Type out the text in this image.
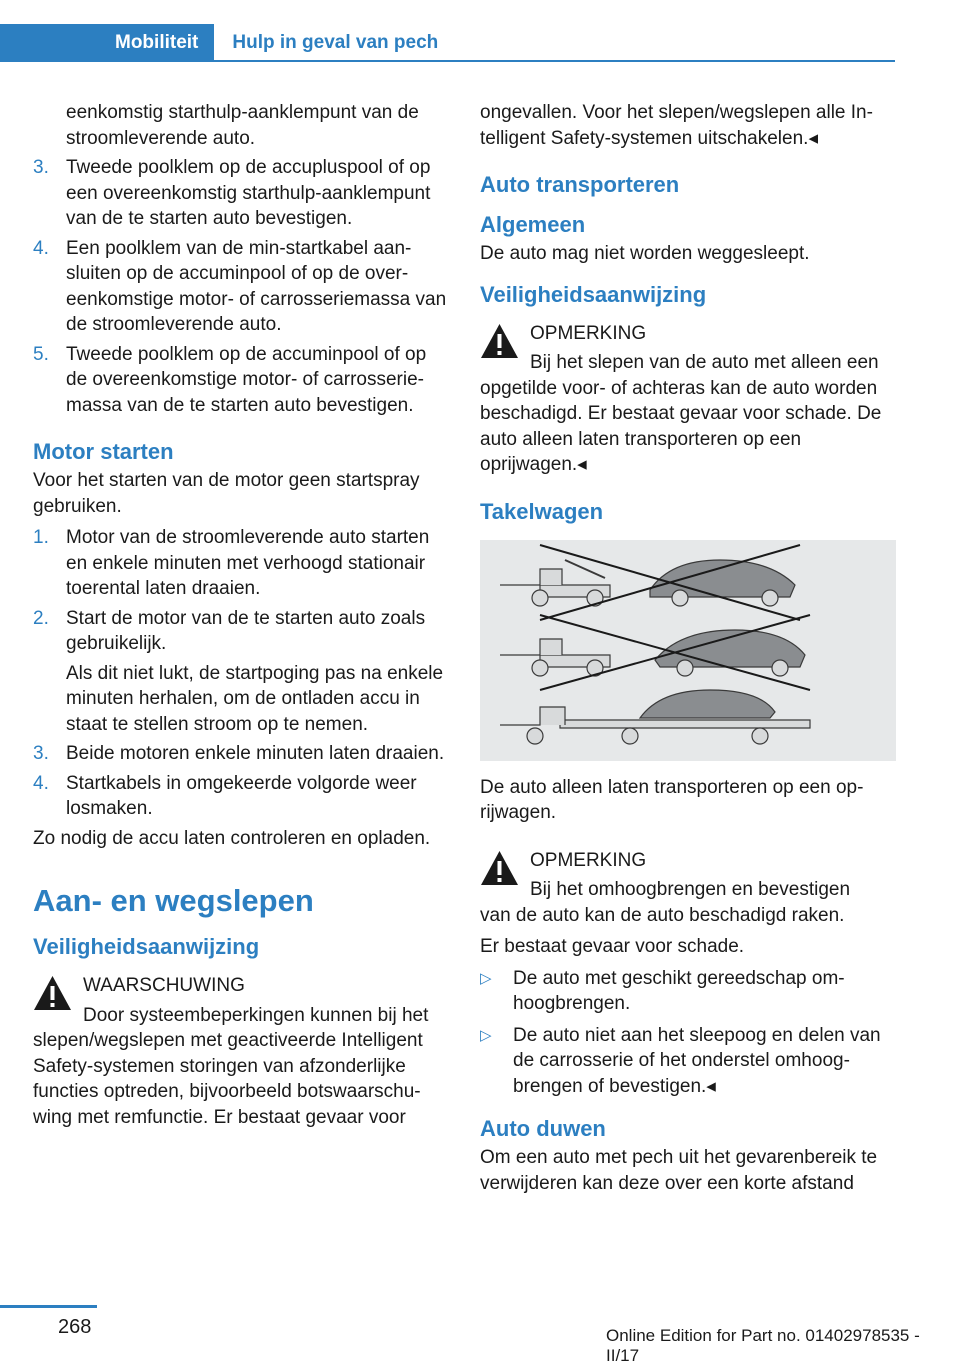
Mobiliteit	Hulp in geval van pech
eenkomstig starthulp-aanklempunt van de stroomleverende auto.
3. Tweede poolklem op de accupluspool of op een overeenkomstig starthulp-aanklempunt van de te starten auto bevestigen.
4. Een poolklem van de min-startkabel aansluiten op de accuminpool of op de overeenkomstige motor- of carrosseriemassa van de stroomleverende auto.
5. Tweede poolklem op de accuminpool of op de overeenkomstige motor- of carrosseriemassa van de te starten auto bevestigen.
Motor starten

Voor het starten van de motor geen startspray gebruiken.

1. Motor van de stroomleverende auto starten en enkele minuten met verhoogd stationair toerental laten draaien.
2. Start de motor van de te starten auto zoals gebruikelijk.
Als dit niet lukt, de startpoging pas na enkele minuten herhalen, om de ontladen accu in staat te stellen stroom op te nemen.
3. Beide motoren enkele minuten laten draaien.
4. Startkabels in omgekeerde volgorde weer losmaken.

Zo nodig de accu laten controleren en opladen.

Aan- en wegslepen
Veiligheidsaanwijzing
WAARSCHUWING
Door systeembeperkingen kunnen bij het
slepen/wegslepen met geactiveerde Intelligent Safety-systemen storingen van afzonderlijke functies optreden, bijvoorbeeld botswaarschuwing met remfunctie. Er bestaat gevaar voor

ongevallen. Voor het slepen/wegslepen alle Intelligent Safety-systemen uitschakelen.◂

Auto transporteren
Algemeen

De auto mag niet worden weggesleept.

Veiligheidsaanwijzing
OPMERKING
Bij het slepen van de auto met alleen een
opgetilde voor- of achteras kan de auto worden beschadigd. Er bestaat gevaar voor schade. De auto alleen laten transporteren op een oprijwagen.◂
Takelwagen

De auto alleen laten transporteren op een oprijwagen.

OPMERKING
Bij het omhoogbrengen en bevestigen
van de auto kan de auto beschadigd raken.

Er bestaat gevaar voor schade.

▷ De auto met geschikt gereedschap omhoogbrengen.
▷ De auto niet aan het sleepoog en delen van de carrosserie of het onderstel omhoogbrengen of bevestigen.◂
Auto duwen

Om een auto met pech uit het gevarenbereik te verwijderen kan deze over een korte afstand

268	Online Edition for Part no. 01402978535 - II/17
